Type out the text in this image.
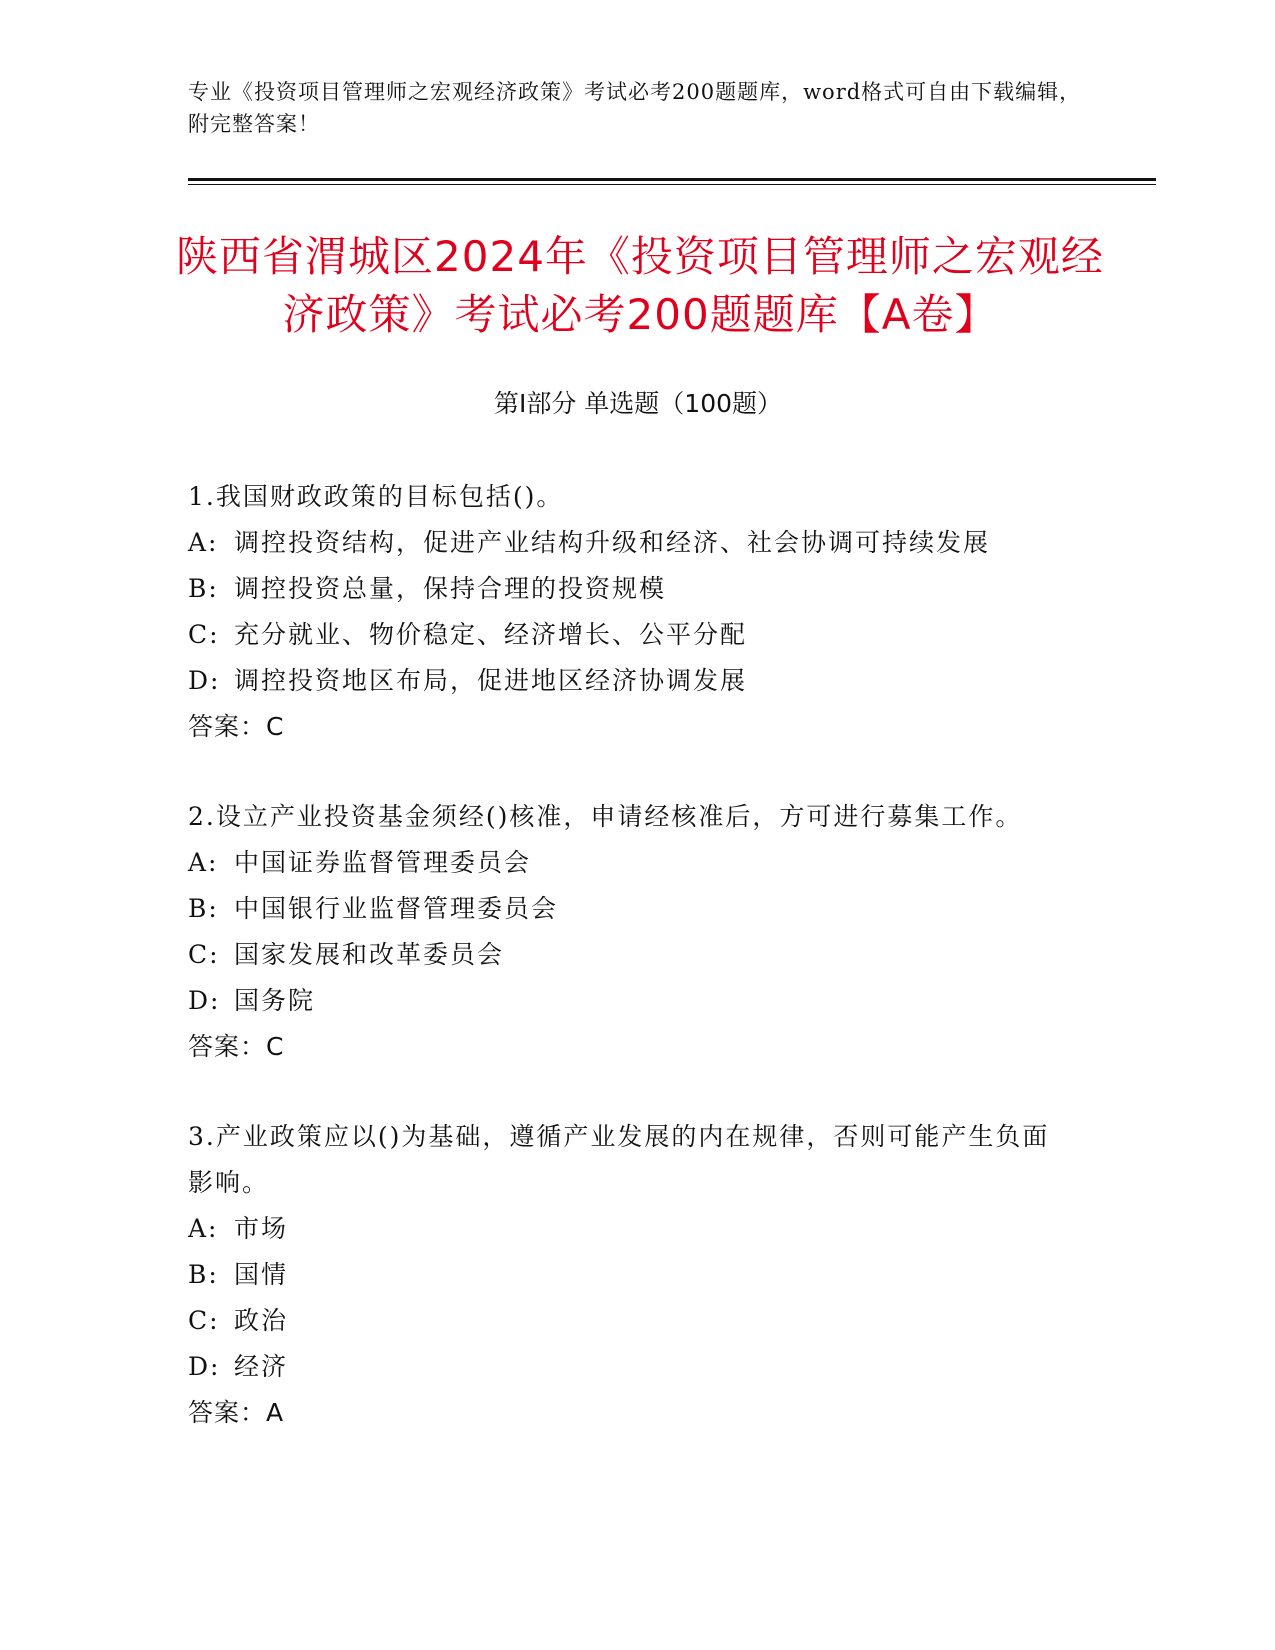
专业《投资项目管理师之宏观经济政策》考试必考200题题库，word格式可自由下载编辑，附完整答案！
陕西省渭城区2024年《投资项目管理师之宏观经济政策》考试必考200题题库【A卷】
第Ⅰ部分 单选题（100题）
1.我国财政政策的目标包括()。
A: 调控投资结构，促进产业结构升级和经济、社会协调可持续发展
B: 调控投资总量，保持合理的投资规模
C: 充分就业、物价稳定、经济增长、公平分配
D: 调控投资地区布局，促进地区经济协调发展
答案：C
2.设立产业投资基金须经()核准，申请经核准后，方可进行募集工作。
A: 中国证券监督管理委员会
B: 中国银行业监督管理委员会
C: 国家发展和改革委员会
D: 国务院
答案：C
3.产业政策应以()为基础，遵循产业发展的内在规律，否则可能产生负面影响。
A: 市场
B: 国情
C: 政治
D: 经济
答案：A
